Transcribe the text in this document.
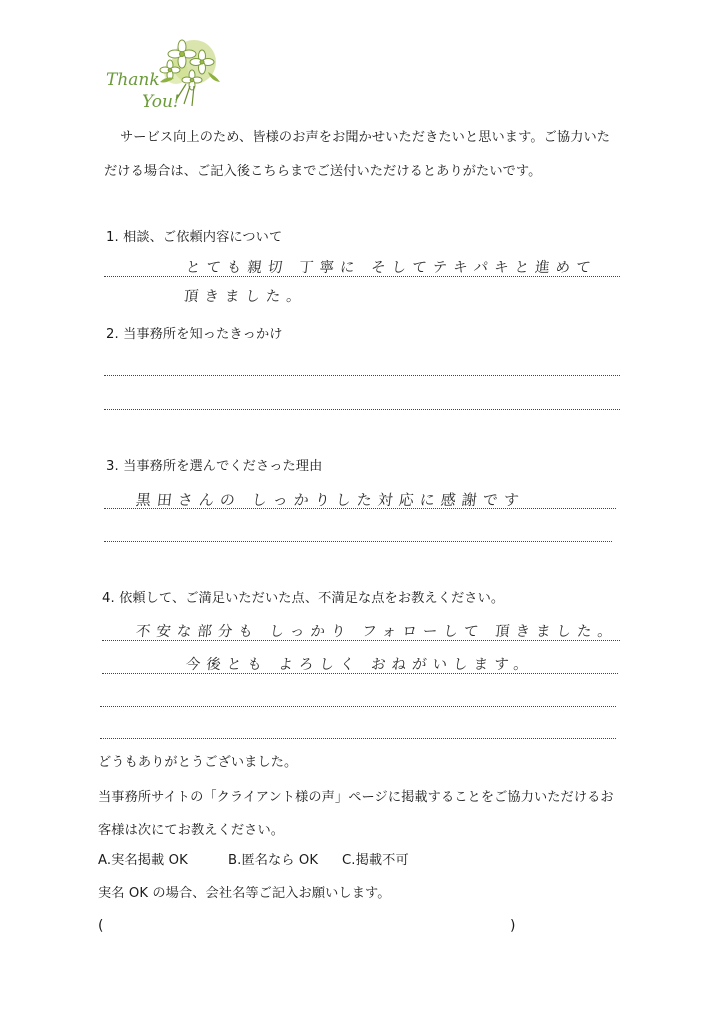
Thank
You!
サービス向上のため、皆様のお声をお聞かせいただきたいと思います。ご協力いた
だける場合は、ご記入後こちらまでご送付いただけるとありがたいです。
1. 相談、ご依頼内容について
とても親切 丁寧に そしてテキパキと進めて
頂きました。
2. 当事務所を知ったきっかけ
3. 当事務所を選んでくださった理由
黒田さんの しっかりした対応に感謝です
4. 依頼して、ご満足いただいた点、不満足な点をお教えください。
不安な部分も しっかり フォローして 頂きました。
今後とも よろしく おねがいします。
どうもありがとうございました。
当事務所サイトの「クライアント様の声」ページに掲載することをご協力いただけるお
客様は次にてお教えください。
A.実名掲載 OK	B.匿名なら OK C.掲載不可
実名 OK の場合、会社名等ご記入お願いします。
(	)
